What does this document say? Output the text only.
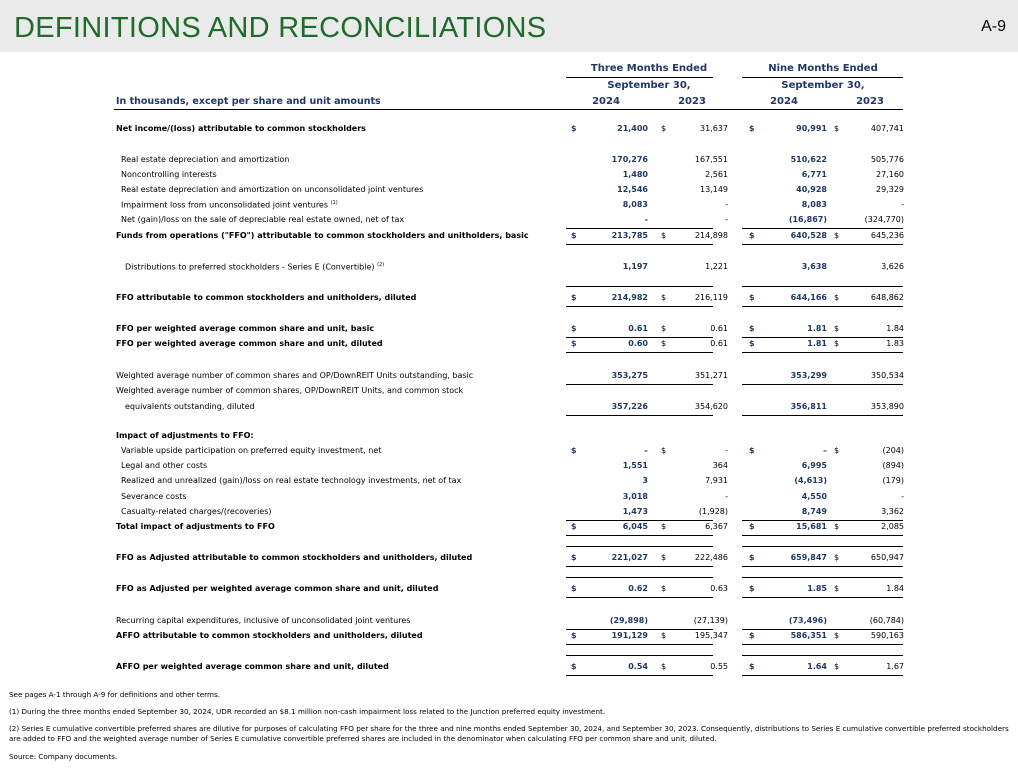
DEFINITIONS AND RECONCILIATIONS	A-9
Three Months Ended
September 30,
Nine Months Ended
September 30,
In thousands, except per share and unit amounts	2024	2023	2024	2023
Net income/(loss) attributable to common stockholders	$	21,400 $	31,637	$	90,991 $	407,741
Real estate depreciation and amortization	170,276	167,551	510,622	505,776
Noncontrolling interests	1,480	2,561	6,771	27,160
Real estate depreciation and amortization on unconsolidated joint ventures	12,546	13,149	40,928	29,329
Impairment loss from unconsolidated joint ventures $^{(1)}$	8,083	-	8,083	-
Net (gain)/loss on the sale of depreciable real estate owned, net of tax	-	-	(16,867)	(324,770)
Funds from operations ("FFO") attributable to common stockholders and unitholders, basic	$	213,785 $	214,898	$	640,528 $	645,236
Distributions to preferred stockholders - Series E (Convertible) $^{(2)}$	1,197	1,221	3,638	3,626
FFO attributable to common stockholders and unitholders, diluted	$	214,982 $	216,119	$	644,166 $	648,862
FFO per weighted average common share and unit, basic	$	0.61 $	0.61	$	1.81 $	1.84
FFO per weighted average common share and unit, diluted	$	0.60 $	0.61	$	1.81 $	1.83
Weighted average number of common shares and OP/DownREIT Units outstanding, basic	353,275	351,271	353,299	350,534
Weighted average number of common shares, OP/DownREIT Units, and common stock
equivalents outstanding, diluted	357,226	354,620	356,811	353,890
Impact of adjustments to FFO:
Variable upside participation on preferred equity investment, net	$	– $	-	$	– $	(204)
Legal and other costs	1,551	364	6,995	(894)
Realized and unrealized (gain)/loss on real estate technology investments, net of tax	3	7,931	(4,613)	(179)
Severance costs	3,018	-	4,550	-
Casualty-related charges/(recoveries)	1,473	(1,928)	8,749	3,362
Total impact of adjustments to FFO	$	6,045 $	6,367	$	15,681 $	2,085
FFO as Adjusted attributable to common stockholders and unitholders, diluted	$	221,027 $	222,486	$	659,847 $	650,947
FFO as Adjusted per weighted average common share and unit, diluted	$	0.62 $	0.63	$	1.85 $	1.84
Recurring capital expenditures, inclusive of unconsolidated joint ventures	(29,898)	(27,139)	(73,496)	(60,784)
AFFO attributable to common stockholders and unitholders, diluted	$	191,129 $	195,347	$	586,351 $	590,163
AFFO per weighted average common share and unit, diluted	$	0.54 $	0.55	$	1.64 $	1.67
See pages A-1 through A-9 for definitions and other terms.
(1) During the three months ended September 30, 2024, UDR recorded an $8.1 million non-cash impairment loss related to the Junction preferred equity investment.
(2) Series E cumulative convertible preferred shares are dilutive for purposes of calculating FFO per share for the three and nine months ended September 30, 2024, and September 30, 2023. Consequently, distributions to Series E cumulative convertible preferred stockholders are added to FFO and the weighted average number of Series E cumulative convertible preferred shares are included in the denominator when calculating FFO per common share and unit, diluted.
Source: Company documents.
